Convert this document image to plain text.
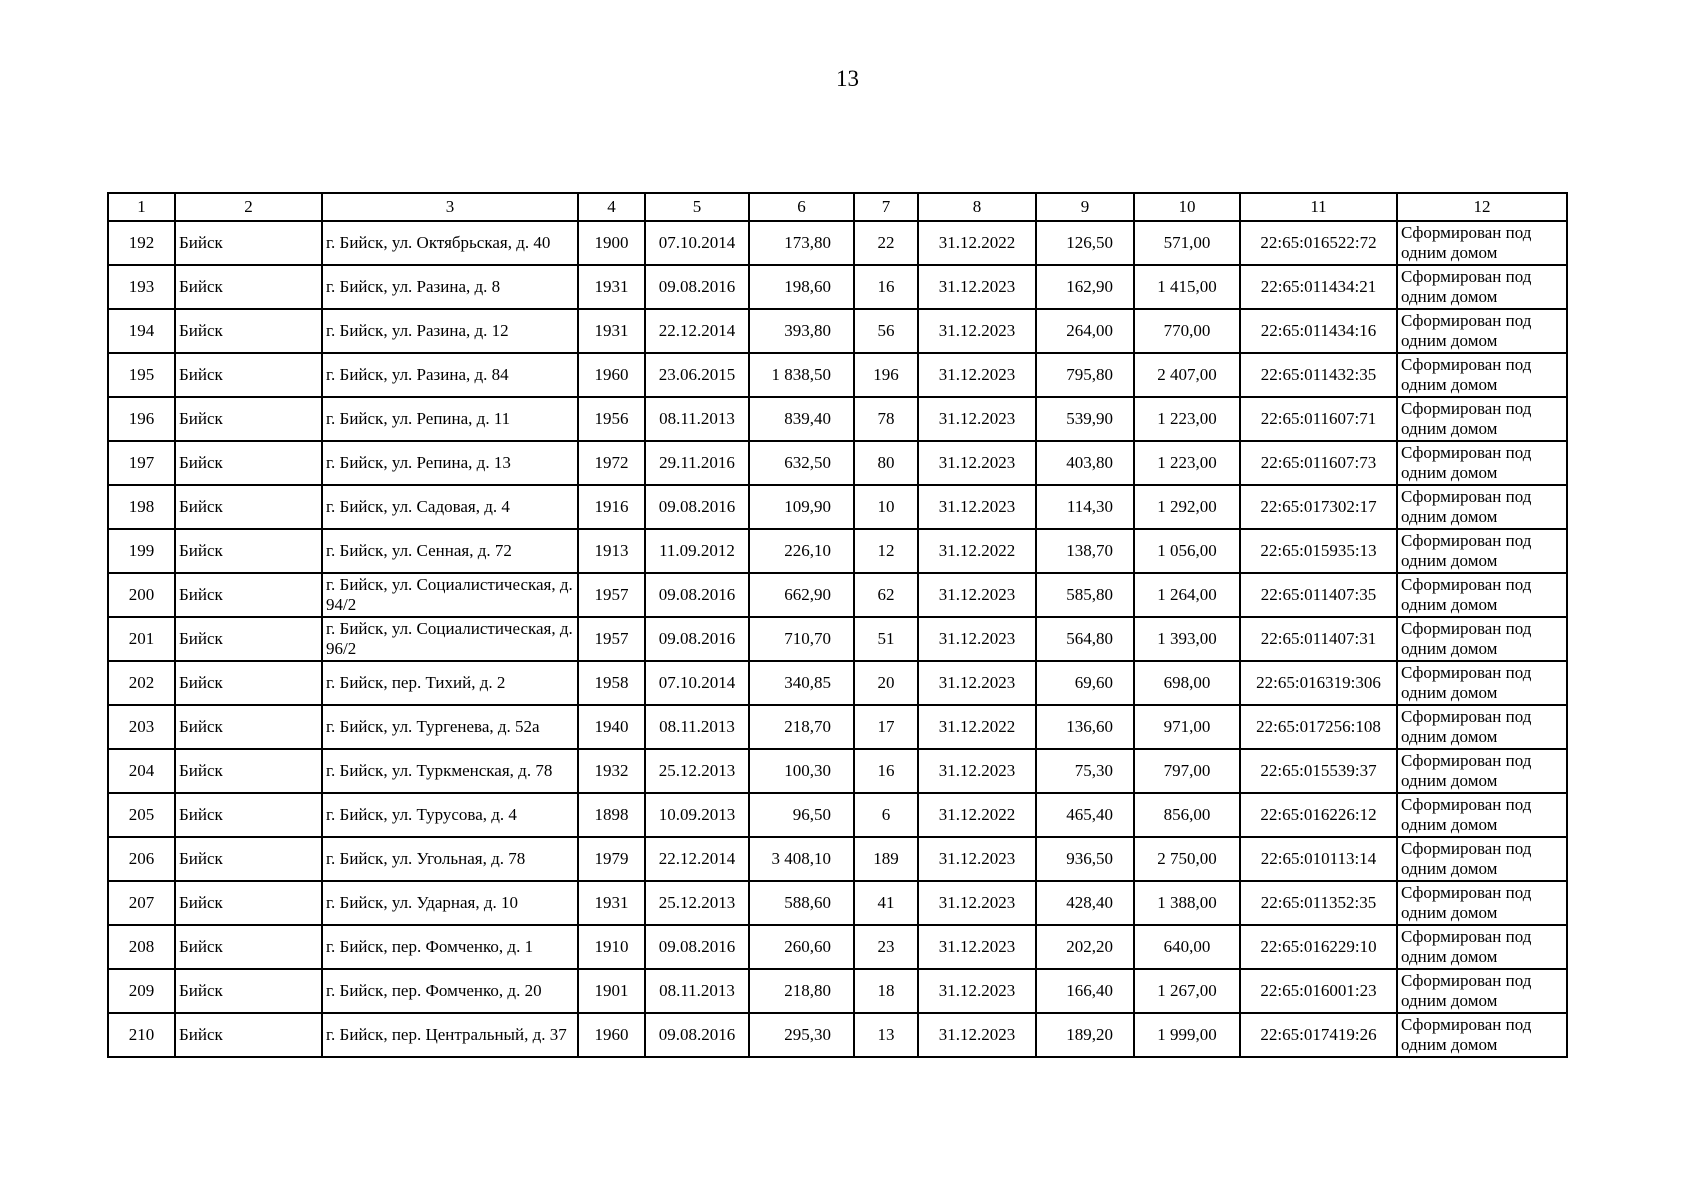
13
1	2	3	4	5	6	7	8	9	10	11	12
192	Бийск	г. Бийск, ул. Октябрьская, д. 40	1900	07.10.2014	173,80	22	31.12.2022	126,50	571,00	22:65:016522:72	Сформирован под одним домом
193	Бийск	г. Бийск, ул. Разина, д. 8	1931	09.08.2016	198,60	16	31.12.2023	162,90	1 415,00	22:65:011434:21	Сформирован под одним домом
194	Бийск	г. Бийск, ул. Разина, д. 12	1931	22.12.2014	393,80	56	31.12.2023	264,00	770,00	22:65:011434:16	Сформирован под одним домом
195	Бийск	г. Бийск, ул. Разина, д. 84	1960	23.06.2015	1 838,50	196	31.12.2023	795,80	2 407,00	22:65:011432:35	Сформирован под одним домом
196	Бийск	г. Бийск, ул. Репина, д. 11	1956	08.11.2013	839,40	78	31.12.2023	539,90	1 223,00	22:65:011607:71	Сформирован под одним домом
197	Бийск	г. Бийск, ул. Репина, д. 13	1972	29.11.2016	632,50	80	31.12.2023	403,80	1 223,00	22:65:011607:73	Сформирован под одним домом
198	Бийск	г. Бийск, ул. Садовая, д. 4	1916	09.08.2016	109,90	10	31.12.2023	114,30	1 292,00	22:65:017302:17	Сформирован под одним домом
199	Бийск	г. Бийск, ул. Сенная, д. 72	1913	11.09.2012	226,10	12	31.12.2022	138,70	1 056,00	22:65:015935:13	Сформирован под одним домом
200	Бийск	г. Бийск, ул. Социалистическая, д. 94/2	1957	09.08.2016	662,90	62	31.12.2023	585,80	1 264,00	22:65:011407:35	Сформирован под одним домом
201	Бийск	г. Бийск, ул. Социалистическая, д. 96/2	1957	09.08.2016	710,70	51	31.12.2023	564,80	1 393,00	22:65:011407:31	Сформирован под одним домом
202	Бийск	г. Бийск, пер. Тихий, д. 2	1958	07.10.2014	340,85	20	31.12.2023	69,60	698,00	22:65:016319:306	Сформирован под одним домом
203	Бийск	г. Бийск, ул. Тургенева, д. 52а	1940	08.11.2013	218,70	17	31.12.2022	136,60	971,00	22:65:017256:108	Сформирован под одним домом
204	Бийск	г. Бийск, ул. Туркменская, д. 78	1932	25.12.2013	100,30	16	31.12.2023	75,30	797,00	22:65:015539:37	Сформирован под одним домом
205	Бийск	г. Бийск, ул. Турусова, д. 4	1898	10.09.2013	96,50	6	31.12.2022	465,40	856,00	22:65:016226:12	Сформирован под одним домом
206	Бийск	г. Бийск, ул. Угольная, д. 78	1979	22.12.2014	3 408,10	189	31.12.2023	936,50	2 750,00	22:65:010113:14	Сформирован под одним домом
207	Бийск	г. Бийск, ул. Ударная, д. 10	1931	25.12.2013	588,60	41	31.12.2023	428,40	1 388,00	22:65:011352:35	Сформирован под одним домом
208	Бийск	г. Бийск, пер. Фомченко, д. 1	1910	09.08.2016	260,60	23	31.12.2023	202,20	640,00	22:65:016229:10	Сформирован под одним домом
209	Бийск	г. Бийск, пер. Фомченко, д. 20	1901	08.11.2013	218,80	18	31.12.2023	166,40	1 267,00	22:65:016001:23	Сформирован под одним домом
210	Бийск	г. Бийск, пер. Центральный, д. 37	1960	09.08.2016	295,30	13	31.12.2023	189,20	1 999,00	22:65:017419:26	Сформирован под одним домом
